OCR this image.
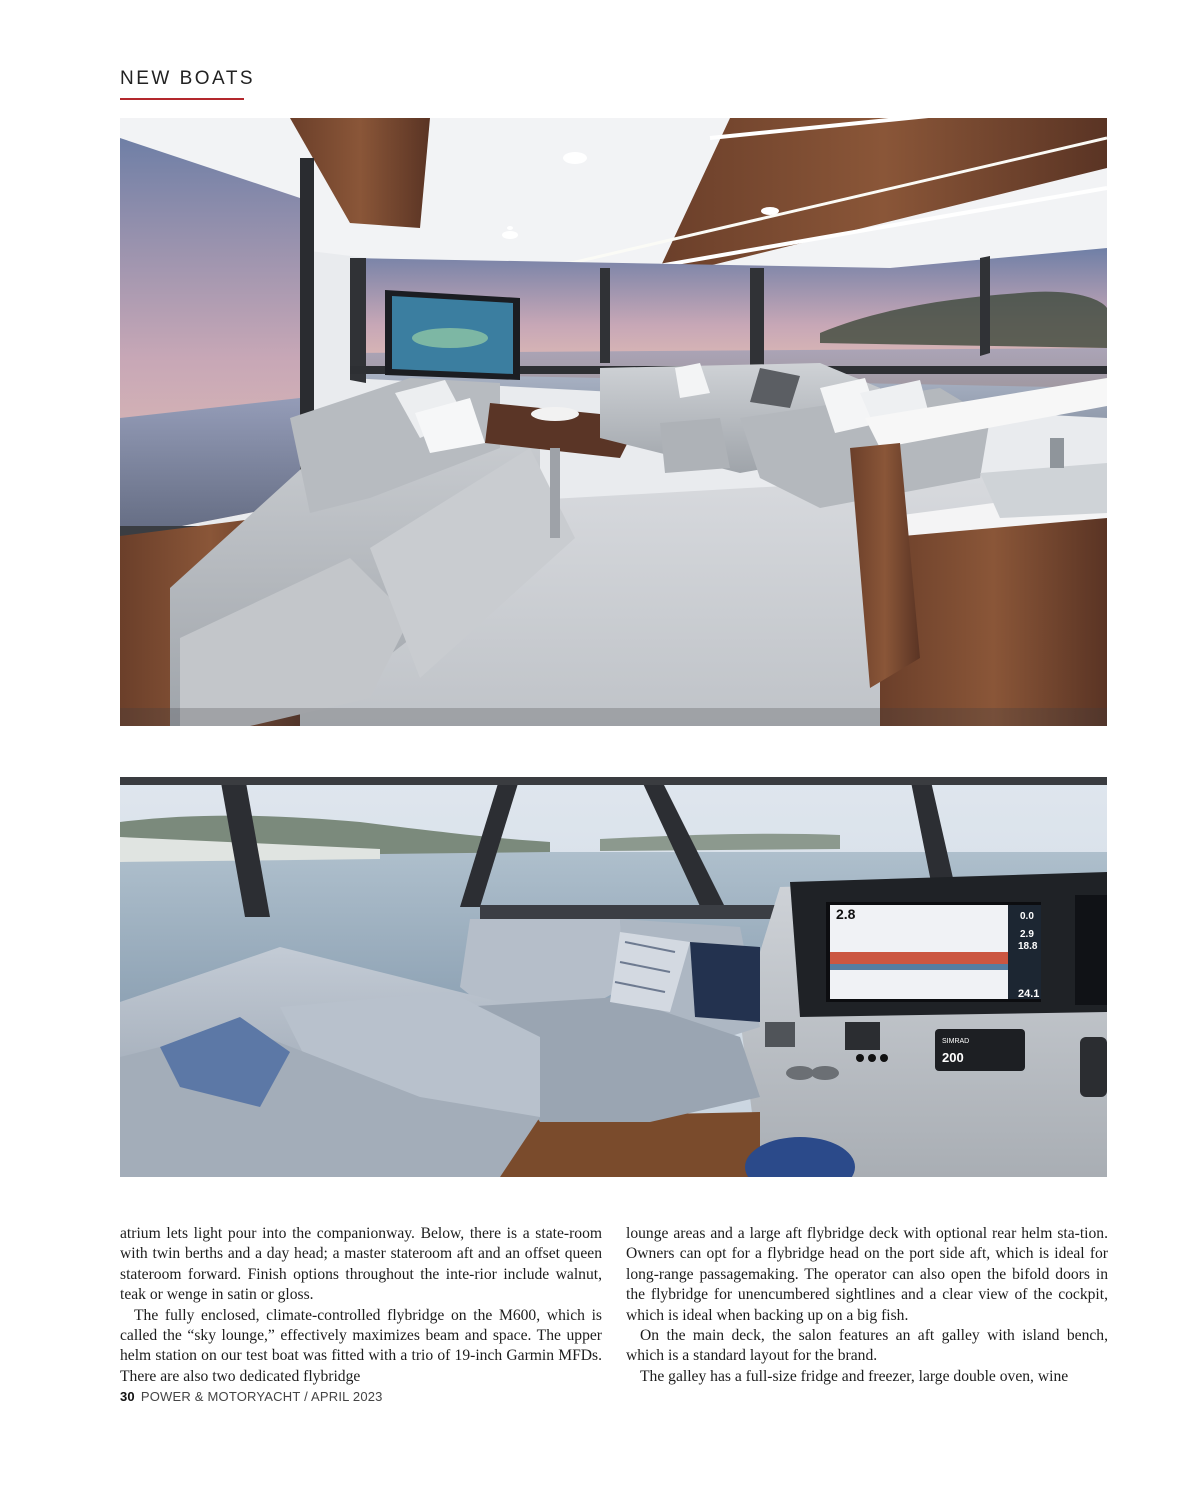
NEW BOATS
2.8	0.0
2.9
18.8
24.1
SIMRAD
200

atrium lets light pour into the companionway. Below, there is a state-room with twin berths and a day head; a master stateroom aft and an offset queen stateroom forward. Finish options throughout the inte-rior include walnut, teak or wenge in satin or gloss.

The fully enclosed, climate-controlled flybridge on the M600, which is called the “sky lounge,” effectively maximizes beam and space. The upper helm station on our test boat was fitted with a trio of 19-inch Garmin MFDs. There are also two dedicated flybridge

lounge areas and a large aft flybridge deck with optional rear helm sta-tion. Owners can opt for a flybridge head on the port side aft, which is ideal for long-range passagemaking. The operator can also open the bifold doors in the flybridge for unencumbered sightlines and a clear view of the cockpit, which is ideal when backing up on a big fish.

On the main deck, the salon features an aft galley with island bench, which is a standard layout for the brand.

The galley has a full-size fridge and freezer, large double oven, wine

30 POWER & MOTORYACHT / APRIL 2023
